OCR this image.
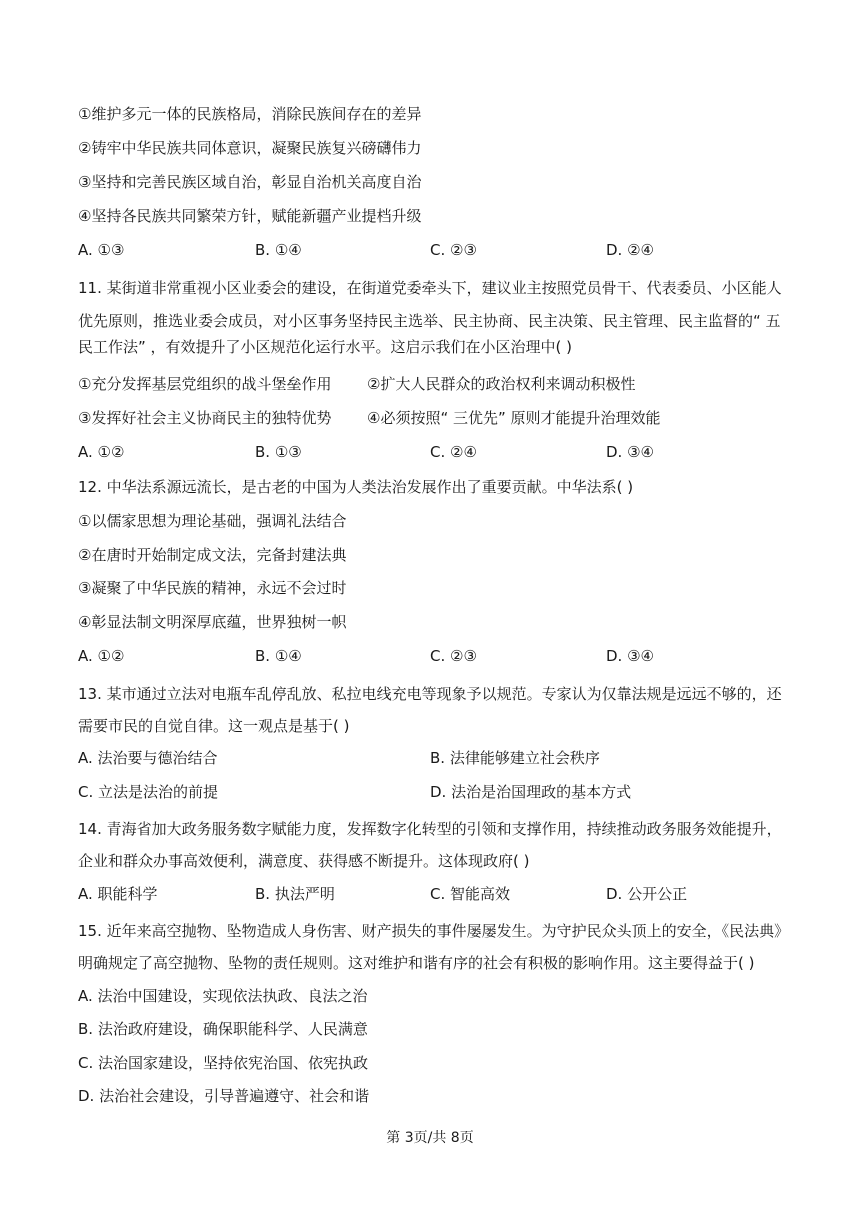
①维护多元一体的民族格局，消除民族间存在的差异
②铸牢中华民族共同体意识，凝聚民族复兴磅礴伟力
③坚持和完善民族区域自治，彰显自治机关高度自治
④坚持各民族共同繁荣方针，赋能新疆产业提档升级
A. ①③	B. ①④	C. ②③	D. ②④
11. 某街道非常重视小区业委会的建设，在街道党委牵头下，建议业主按照党员骨干、代表委员、小区能人
优先原则，推选业委会成员，对小区事务坚持民主选举、民主协商、民主决策、民主管理、民主监督的“ 五
民工作法” ，有效提升了小区规范化运行水平。这启示我们在小区治理中( )
①充分发挥基层党组织的战斗堡垒作用 ②扩大人民群众的政治权利来调动积极性
③发挥好社会主义协商民主的独特优势 ④必须按照“ 三优先” 原则才能提升治理效能
A. ①②	B. ①③	C. ②④	D. ③④
12. 中华法系源远流长，是古老的中国为人类法治发展作出了重要贡献。中华法系( )
①以儒家思想为理论基础，强调礼法结合
②在唐时开始制定成文法，完备封建法典
③凝聚了中华民族的精神，永远不会过时
④彰显法制文明深厚底蕴，世界独树一帜
A. ①②	B. ①④	C. ②③	D. ③④
13. 某市通过立法对电瓶车乱停乱放、私拉电线充电等现象予以规范。专家认为仅靠法规是远远不够的，还
需要市民的自觉自律。这一观点是基于( )
A. 法治要与德治结合	B. 法律能够建立社会秩序
C. 立法是法治的前提	D. 法治是治国理政的基本方式
14. 青海省加大政务服务数字赋能力度，发挥数字化转型的引领和支撑作用，持续推动政务服务效能提升，
企业和群众办事高效便利，满意度、获得感不断提升。这体现政府( )
A. 职能科学	B. 执法严明	C. 智能高效	D. 公开公正
15. 近年来高空抛物、坠物造成人身伤害、财产损失的事件屡屡发生。为守护民众头顶上的安全，《民法典》
明确规定了高空抛物、坠物的责任规则。这对维护和谐有序的社会有积极的影响作用。这主要得益于( )
A. 法治中国建设，实现依法执政、良法之治
B. 法治政府建设，确保职能科学、人民满意
C. 法治国家建设，坚持依宪治国、依宪执政
D. 法治社会建设，引导普遍遵守、社会和谐
第 3页/共 8页
